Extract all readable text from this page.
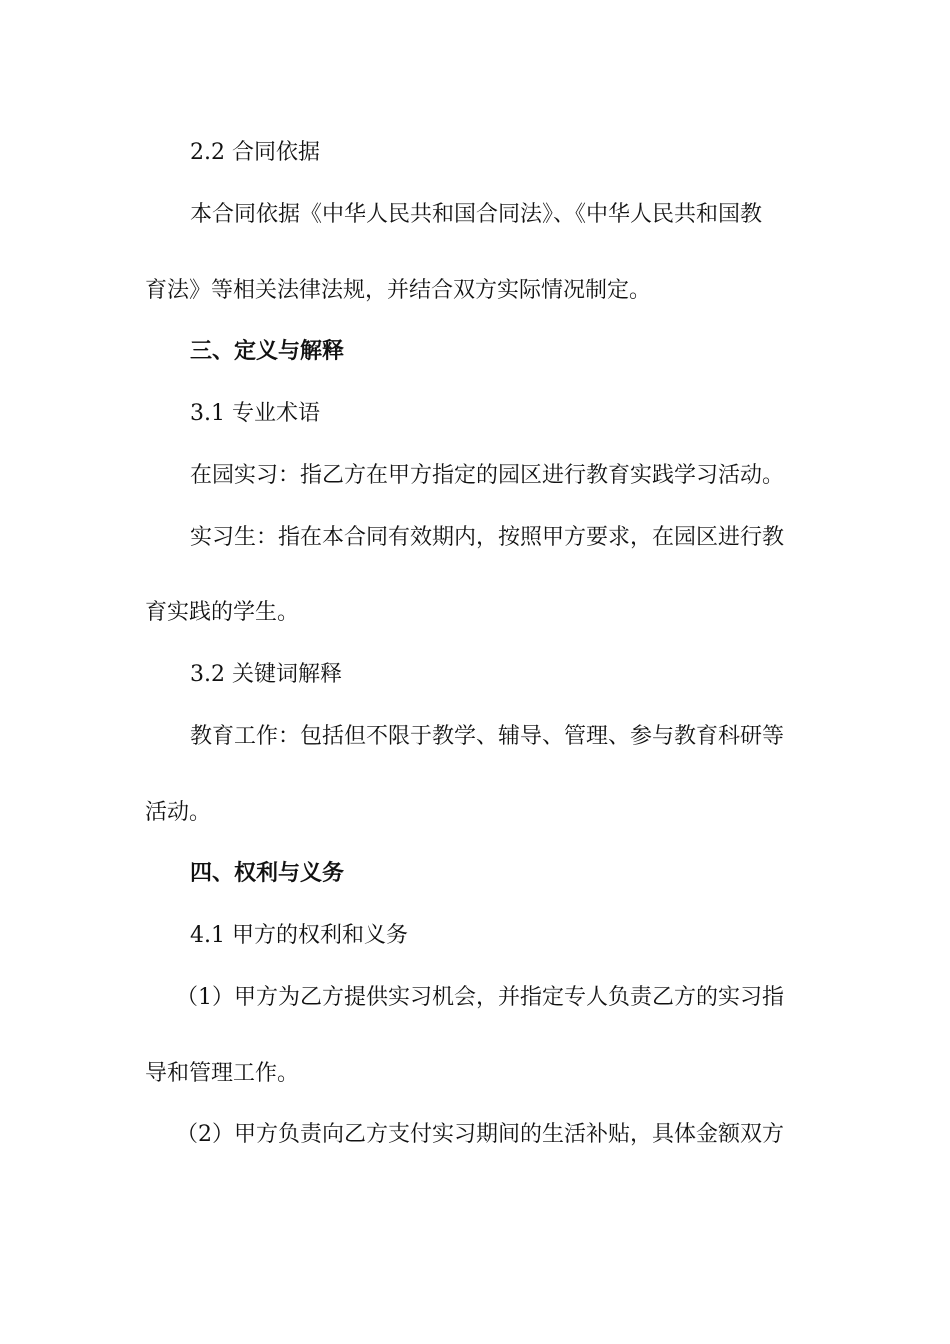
2.2 合同依据
本合同依据《中华人民共和国合同法》、《中华人民共和国教
育法》等相关法律法规，并结合双方实际情况制定。
三、定义与解释
3.1 专业术语
在园实习：指乙方在甲方指定的园区进行教育实践学习活动。
实习生：指在本合同有效期内，按照甲方要求，在园区进行教
育实践的学生。
3.2 关键词解释
教育工作：包括但不限于教学、辅导、管理、参与教育科研等
活动。
四、权利与义务
4.1 甲方的权利和义务
（1）甲方为乙方提供实习机会，并指定专人负责乙方的实习指
导和管理工作。
（2）甲方负责向乙方支付实习期间的生活补贴，具体金额双方
